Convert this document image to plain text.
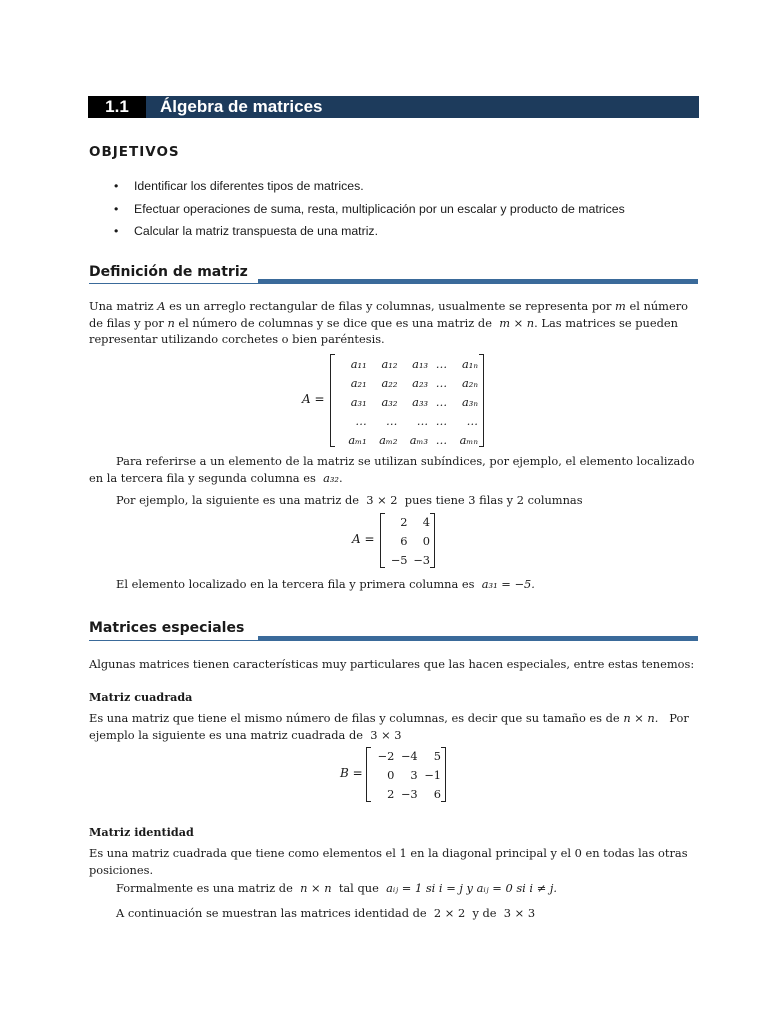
1.1	Álgebra de matrices
OBJETIVOS
• Identificar los diferentes tipos de matrices.
• Efectuar operaciones de suma, resta, multiplicación por un escalar y producto de matrices
• Calcular la matriz transpuesta de una matriz.
Definición de matriz

Una matriz A es un arreglo rectangular de filas y columnas, usualmente se representa por m el número

de filas y por n el número de columnas y se dice que es una matriz de m × n. Las matrices se pueden

representar utilizando corchetes o bien paréntesis.

A =
a₁₁	a₁₂	a₁₃	…	a₁ₙ
a₂₁	a₂₂	a₂₃	…	a₂ₙ
a₃₁	a₃₂	a₃₃	…	a₃ₙ
…	…	…	…	…
aₘ₁	aₘ₂	aₘ₃	…	aₘₙ

Para referirse a un elemento de la matriz se utilizan subíndices, por ejemplo, el elemento localizado

en la tercera fila y segunda columna es a₃₂.

Por ejemplo, la siguiente es una matriz de 3 × 2 pues tiene 3 filas y 2 columnas

A =
2	4
6	0
−5	−3

El elemento localizado en la tercera fila y primera columna es a₃₁ = −5.

Matrices especiales
Algunas matrices tienen características muy particulares que las hacen especiales, entre estas tenemos:
Matriz cuadrada

Es una matriz que tiene el mismo número de filas y columnas, es decir que su tamaño es de n × n. Por

ejemplo la siguiente es una matriz cuadrada de 3 × 3

B =
−2	−4	5
0	3	−1
2	−3	6
Matriz identidad

Es una matriz cuadrada que tiene como elementos el 1 en la diagonal principal y el 0 en todas las otras

posiciones.

Formalmente es una matriz de n × n tal que aᵢⱼ = 1 si i = j y aᵢⱼ = 0 si i ≠ j.

A continuación se muestran las matrices identidad de 2 × 2 y de 3 × 3
